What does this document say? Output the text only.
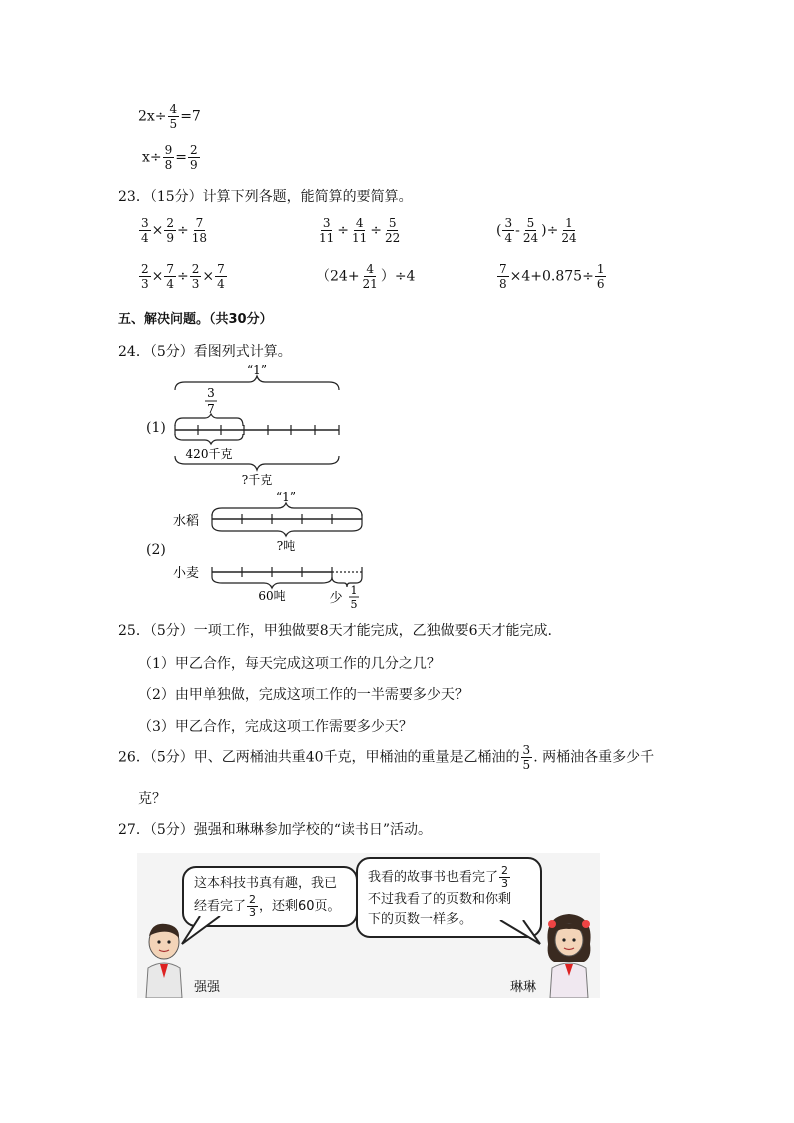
$2x\div \frac{4}{5} =7$
$x\div \frac{9}{8} = \frac{2}{9}$
23．（15分）计算下列各题，能简算的要简算。
$\frac{3}{4} \times \frac{2}{9} \div \frac{7}{18}$	$\frac{3}{11} \div \frac{4}{11} \div \frac{5}{22}$	( $\frac{3}{4} - \frac{5}{24}$ )÷ $\frac{1}{24}$
$\frac{2}{3} \times \frac{7}{4} \div \frac{2}{3} \times \frac{7}{4}$	$(24+ \frac{4}{21} )\div 4$	$\frac{7}{8} \times 4+0.875\div \frac{1}{6}$
五、解决问题。（共30分）
24．（5分）看图列式计算。
(1)
“1”
3
7
420千克
?千克
(2)
水稻
小麦
“1”
?吨
60吨	少
1
5
25．（5分）一项工作，甲独做要8天才能完成，乙独做要6天才能完成.
（1）甲乙合作，每天完成这项工作的几分之几？
（2）由甲单独做，完成这项工作的一半需要多少天？
（3）甲乙合作，完成这项工作需要多少天？
26．（5分）甲、乙两桶油共重40千克，甲桶油的重量是乙桶油的 $\frac{3}{5}$ . 两桶油各重多少千
克？
27．（5分）强强和琳琳参加学校的“读书日”活动。
这本科技书真有趣，我已
经看完了 $\frac{2}{3}$ ，还剩60页。
我看的故事书也看完了 $\frac{2}{3}$
不过我看了的页数和你剩
下的页数一样多。
强强	琳琳
